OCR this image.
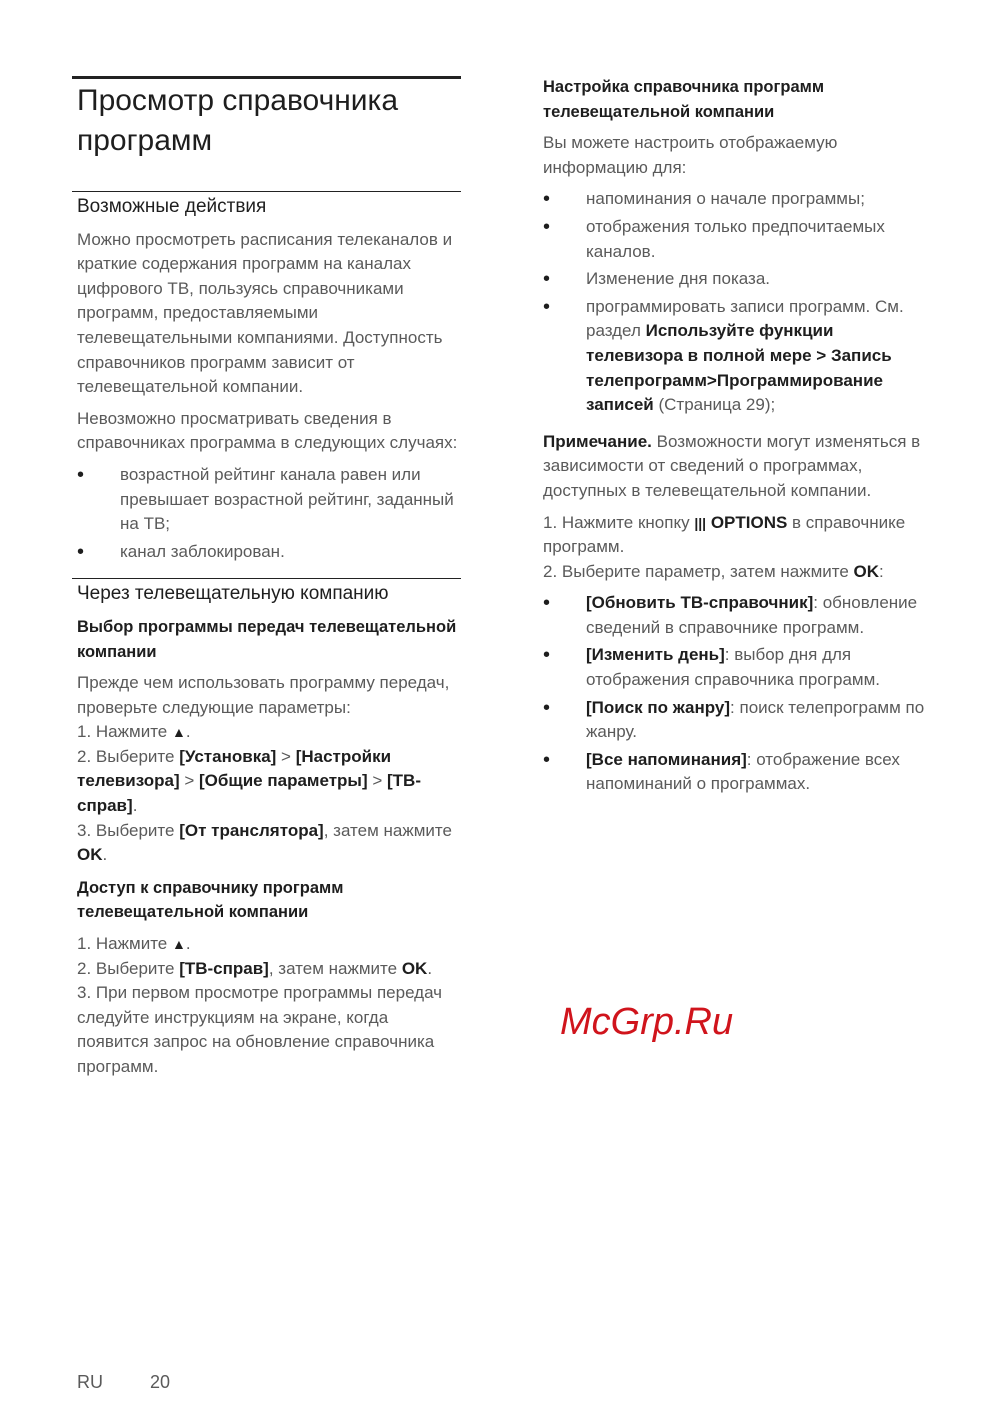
Просмотр справочника программ
Возможные действия
Можно просмотреть расписания телеканалов и краткие содержания программ на каналах цифрового ТВ, пользуясь справочниками программ, предоставляемыми телевещательными компаниями. Доступность справочников программ зависит от телевещательной компании.
Невозможно просматривать сведения в справочниках программа в следующих случаях:
• возрастной рейтинг канала равен или превышает возрастной рейтинг, заданный на ТВ;
• канал заблокирован.
Через телевещательную компанию
Выбор программы передач телевещательной компании
Прежде чем использовать программу передач, проверьте следующие параметры:
1. Нажмите ▲.
2. Выберите [Установка] > [Настройки телевизора] > [Общие параметры] > [ТВ-справ].
3. Выберите [От транслятора], затем нажмите OK.
Доступ к справочнику программ телевещательной компании
1. Нажмите ▲.
2. Выберите [ТВ-справ], затем нажмите OK.
3. При первом просмотре программы передач следуйте инструкциям на экране, когда появится запрос на обновление справочника программ.
Настройка справочника программ телевещательной компании
Вы можете настроить отображаемую информацию для:
• напоминания о начале программы;
• отображения только предпочитаемых каналов.
• Изменение дня показа.
• программировать записи программ. См. раздел Используйте функции телевизора в полной мере > Запись телепрограмм>Программирование записей (Страница 29);
Примечание. Возможности могут изменяться в зависимости от сведений о программах, доступных в телевещательной компании.
1. Нажмите кнопку ||| OPTIONS в справочнике программ.
2. Выберите параметр, затем нажмите OK:
• [Обновить ТВ-справочник]: обновление сведений в справочнике программ.
• [Изменить день]: выбор дня для отображения справочника программ.
• [Поиск по жанру]: поиск телепрограмм по жанру.
• [Все напоминания]: отображение всех напоминаний о программах.
McGrp.Ru
RU	20
